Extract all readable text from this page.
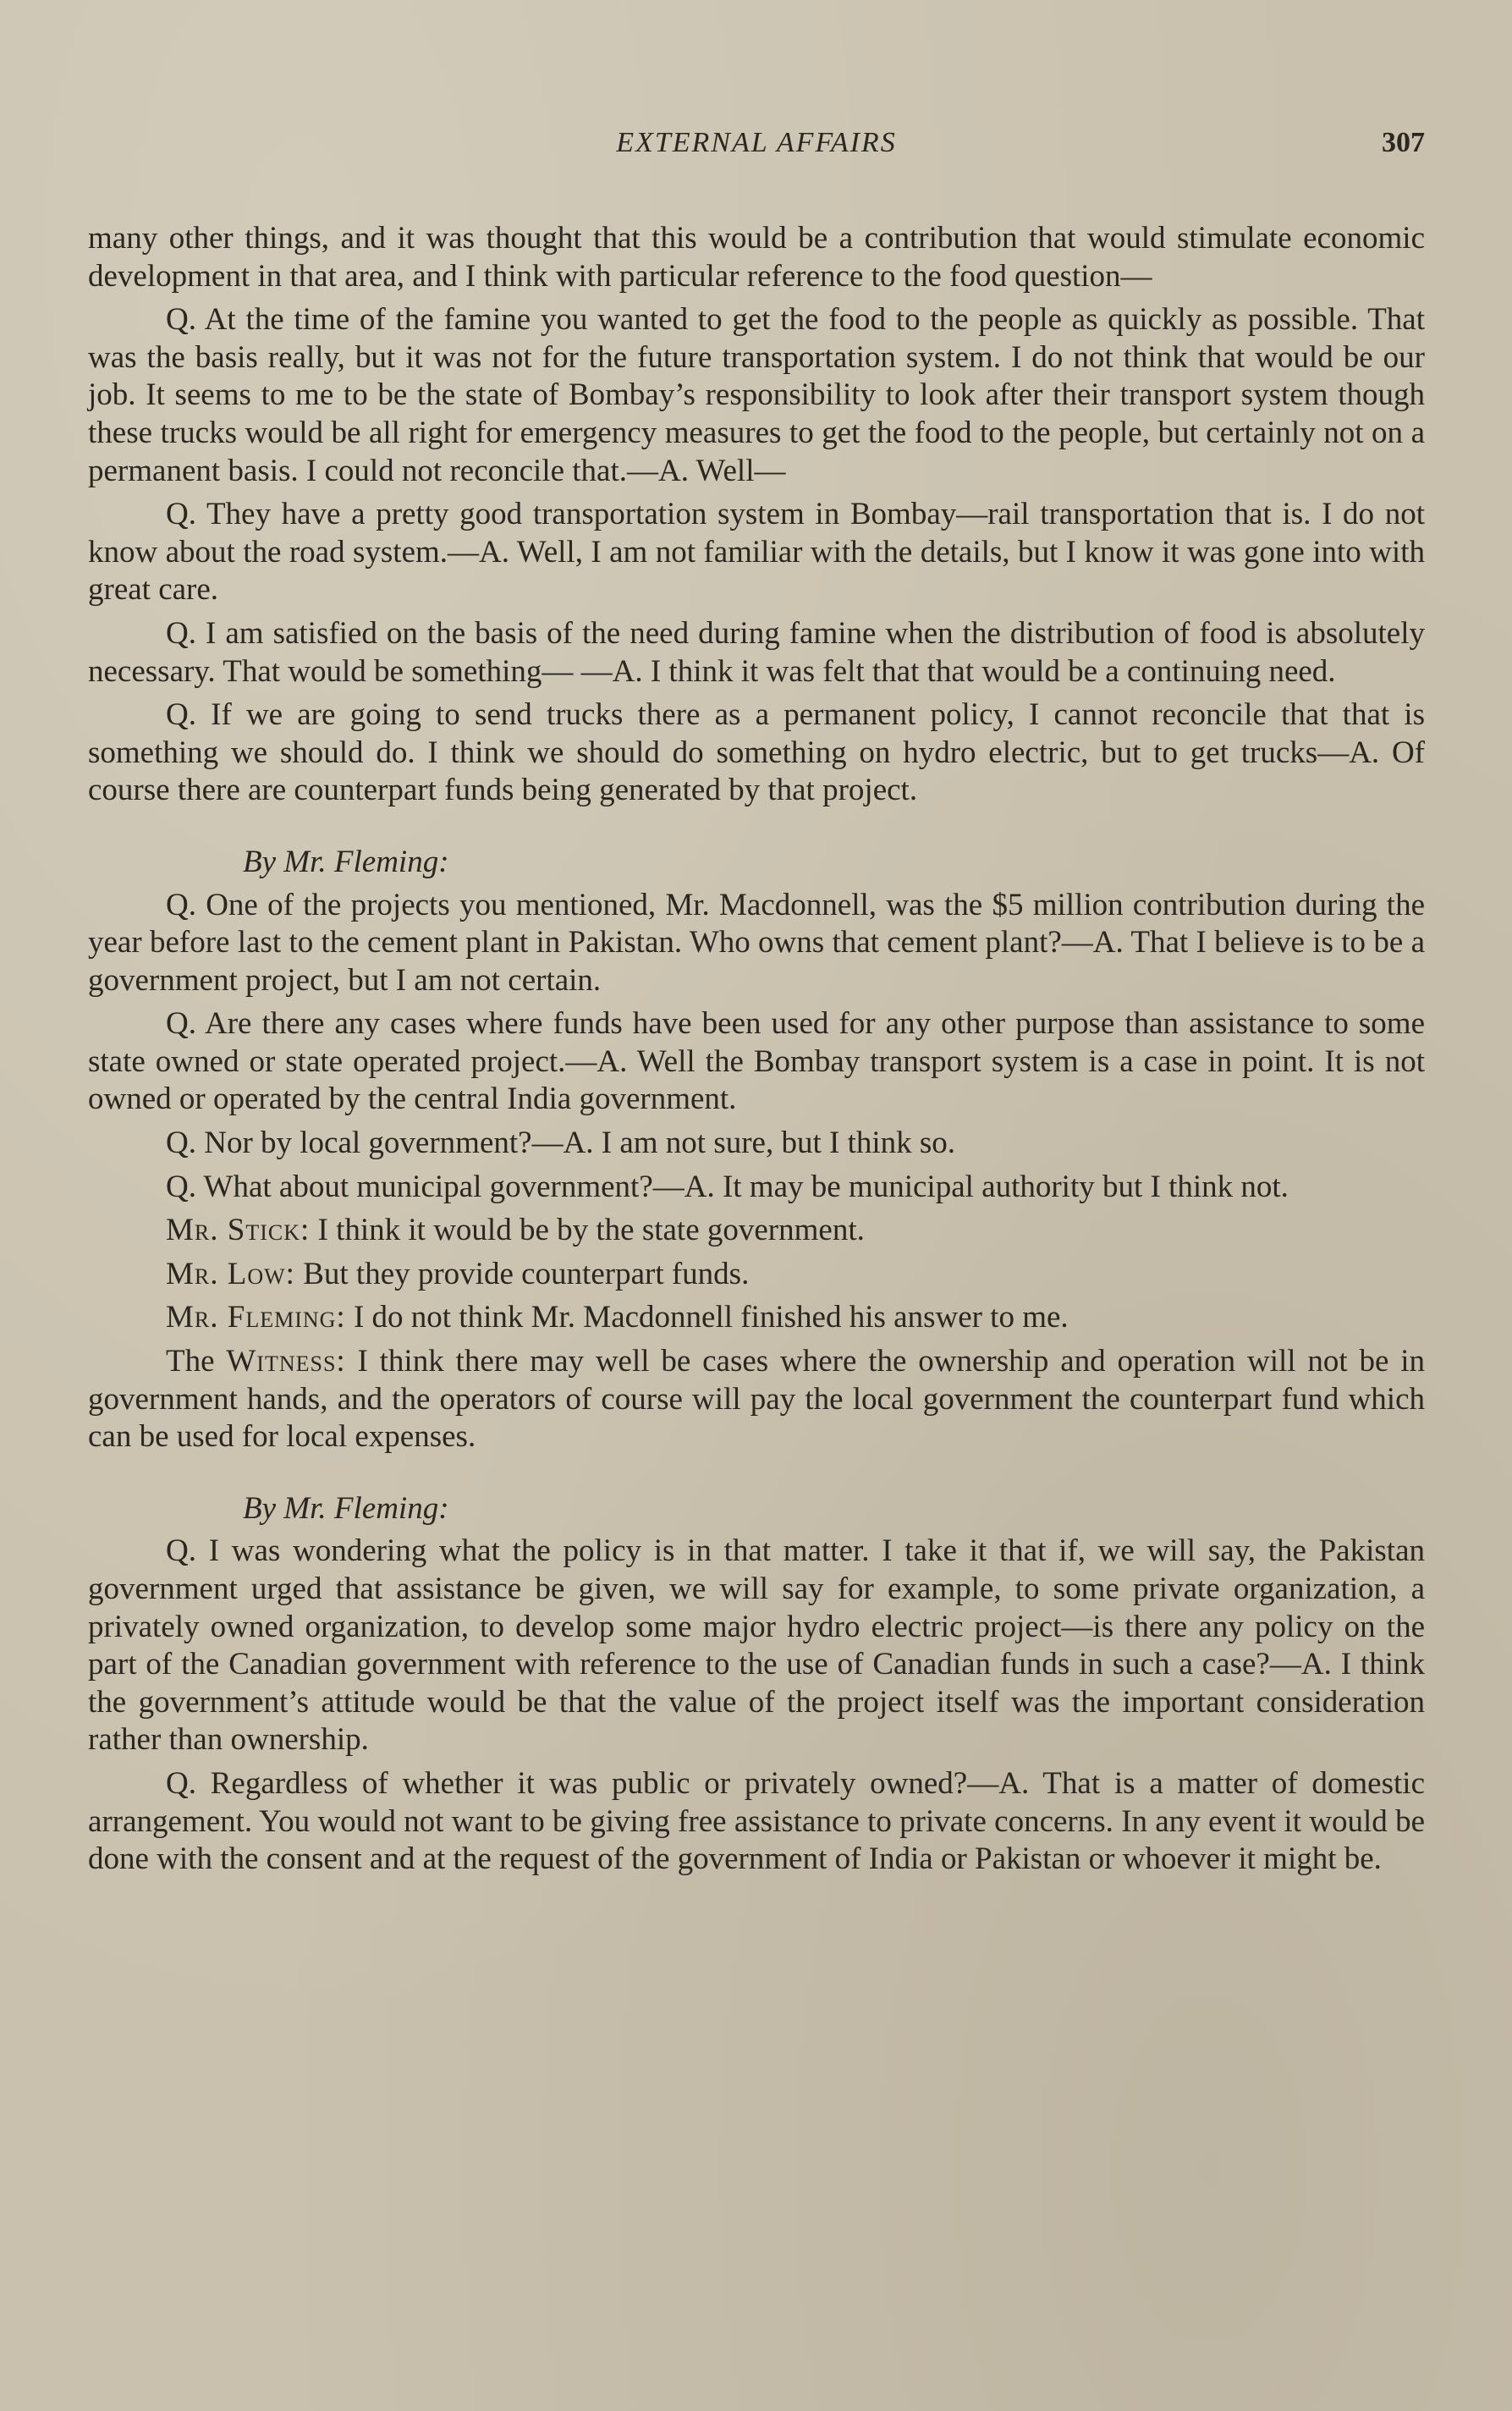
EXTERNAL AFFAIRS	307

many other things, and it was thought that this would be a contribution that would stimulate economic development in that area, and I think with particular reference to the food question—

Q. At the time of the famine you wanted to get the food to the people as quickly as possible. That was the basis really, but it was not for the future transportation system. I do not think that would be our job. It seems to me to be the state of Bombay’s responsibility to look after their transport system though these trucks would be all right for emergency measures to get the food to the people, but certainly not on a permanent basis. I could not reconcile that.—A. Well—

Q. They have a pretty good transportation system in Bombay—rail transportation that is. I do not know about the road system.—A. Well, I am not familiar with the details, but I know it was gone into with great care.

Q. I am satisfied on the basis of the need during famine when the distribution of food is absolutely necessary. That would be something— —A. I think it was felt that that would be a continuing need.

Q. If we are going to send trucks there as a permanent policy, I cannot reconcile that that is something we should do. I think we should do something on hydro electric, but to get trucks—A. Of course there are counterpart funds being generated by that project.

By Mr. Fleming:

Q. One of the projects you mentioned, Mr. Macdonnell, was the $5 million contribution during the year before last to the cement plant in Pakistan. Who owns that cement plant?—A. That I believe is to be a government project, but I am not certain.

Q. Are there any cases where funds have been used for any other purpose than assistance to some state owned or state operated project.—A. Well the Bombay transport system is a case in point. It is not owned or operated by the central India government.

Q. Nor by local government?—A. I am not sure, but I think so.

Q. What about municipal government?—A. It may be municipal authority but I think not.

Mr. Stick: I think it would be by the state government.

Mr. Low: But they provide counterpart funds.

Mr. Fleming: I do not think Mr. Macdonnell finished his answer to me.

The Witness: I think there may well be cases where the ownership and operation will not be in government hands, and the operators of course will pay the local government the counterpart fund which can be used for local expenses.

By Mr. Fleming:

Q. I was wondering what the policy is in that matter. I take it that if, we will say, the Pakistan government urged that assistance be given, we will say for example, to some private organization, a privately owned organization, to develop some major hydro electric project—is there any policy on the part of the Canadian government with reference to the use of Canadian funds in such a case?—A. I think the government’s attitude would be that the value of the project itself was the important consideration rather than ownership.

Q. Regardless of whether it was public or privately owned?—A. That is a matter of domestic arrangement. You would not want to be giving free assistance to private concerns. In any event it would be done with the consent and at the request of the government of India or Pakistan or whoever it might be.
